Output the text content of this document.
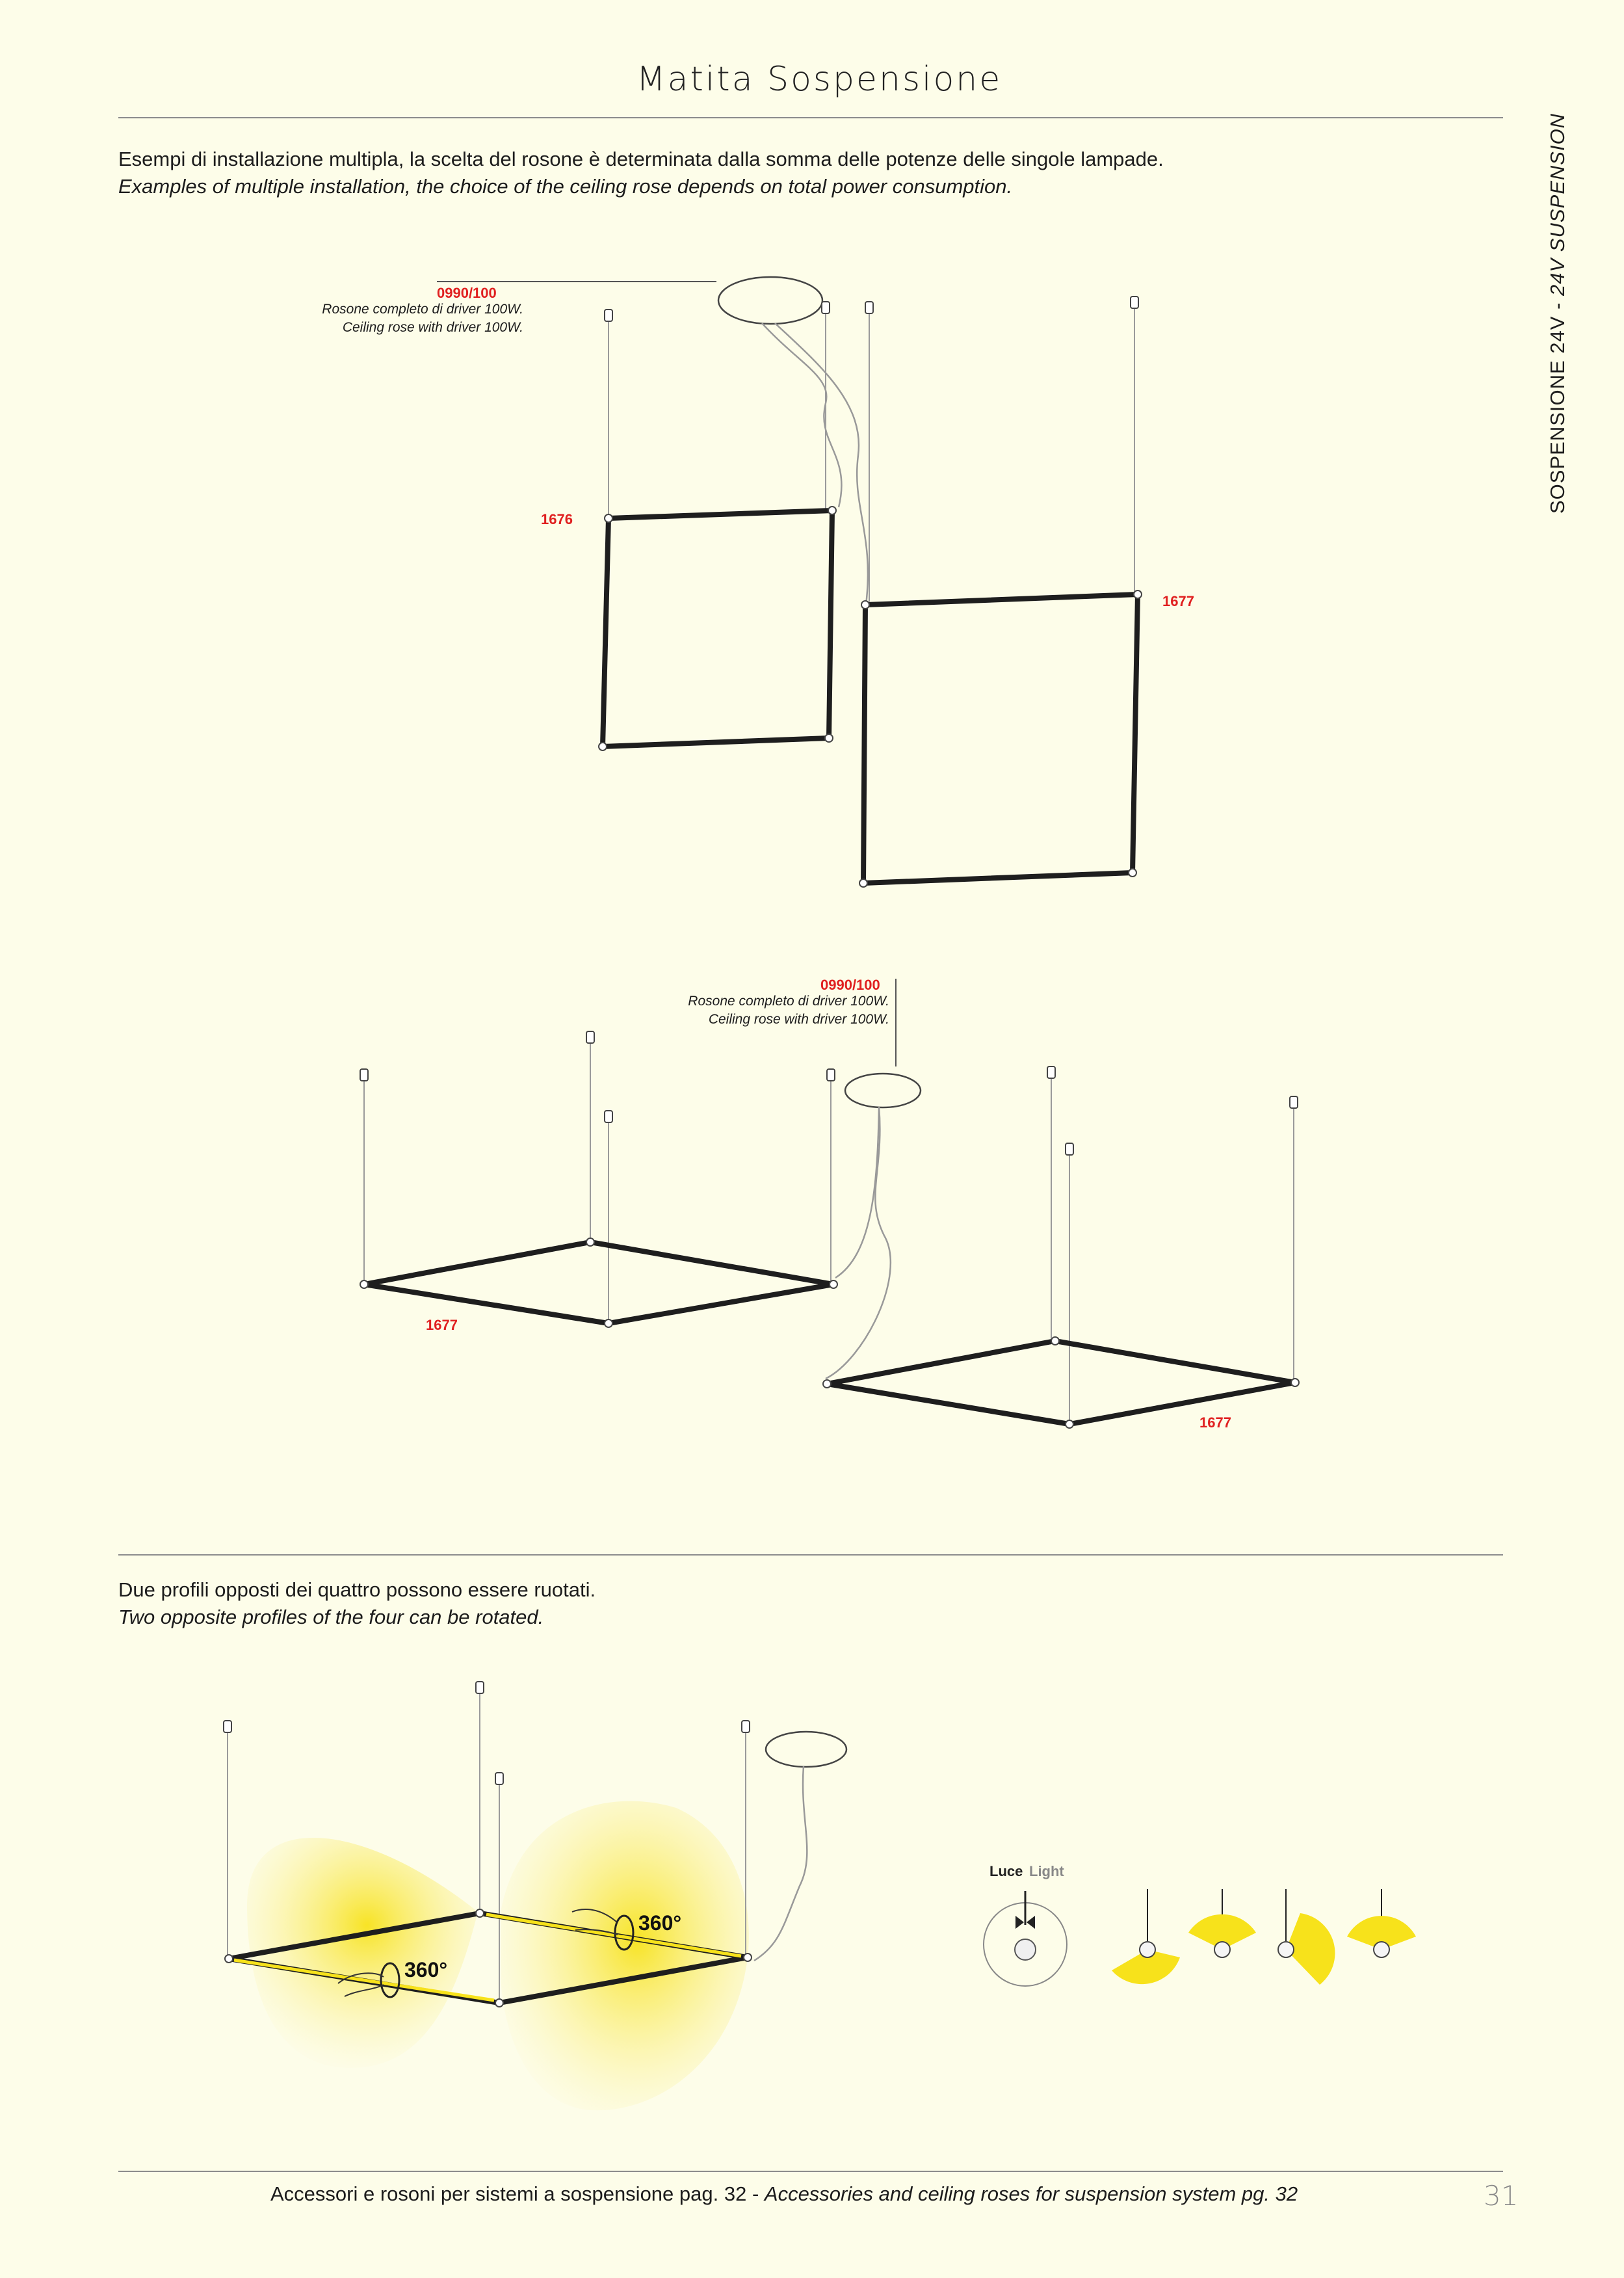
Matita Sospensione
SOSPENSIONE 24V - 24V SUSPENSION
Esempi di installazione multipla, la scelta del rosone è determinata dalla somma delle potenze delle singole lampade.
Examples of multiple installation, the choice of the ceiling rose depends on total power consumption.
0990/100
Rosone completo di driver 100W.
Ceiling rose with driver 100W.
1676
1677
0990/100
Rosone completo di driver 100W.
Ceiling rose with driver 100W.
1677
1677
Due profili opposti dei quattro possono essere ruotati.
Two opposite profiles of the four can be rotated.
360°
360°
Luce Light
Accessori e rosoni per sistemi a sospensione pag. 32 - Accessories and ceiling roses for suspension system pg. 32	31
